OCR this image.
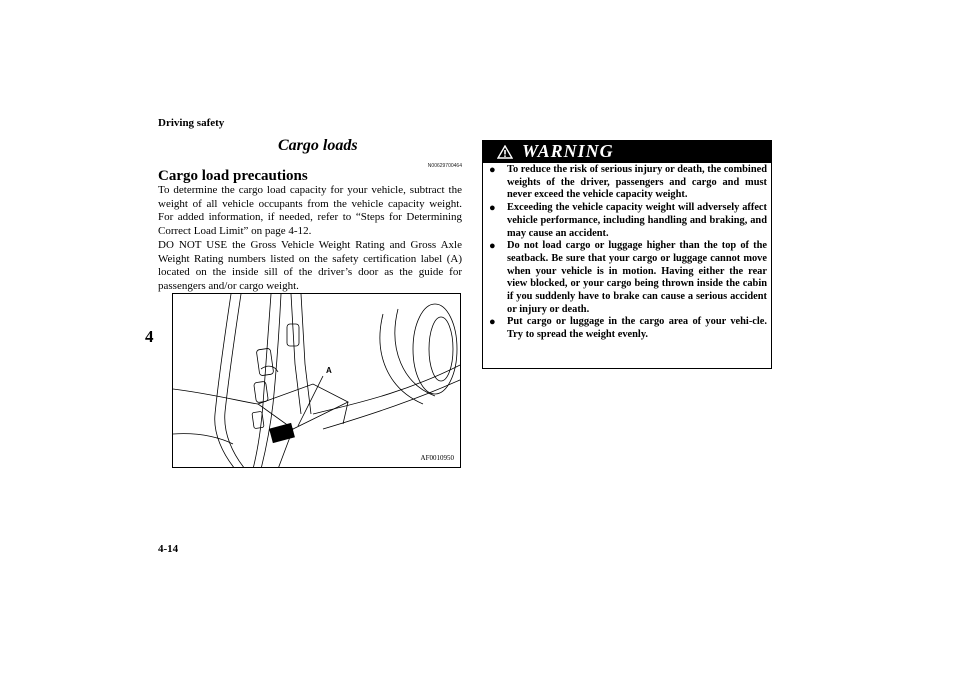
Driving safety
4
Cargo loads
N00629700464
Cargo load precautions

To determine the cargo load capacity for your vehicle, subtract the weight of all vehicle occupants from the vehicle capacity weight. For added information, if needed, refer to “Steps for Determining Correct Load Limit” on page 4-12.

DO NOT USE the Gross Vehicle Weight Rating and Gross Axle Weight Rating numbers listed on the safety certification label (A) located on the inside sill of the driver’s door as the guide for passengers and/or cargo weight.

A
AF0010950
WARNING
● To reduce the risk of serious injury or death, the combined weights of the driver, passengers and cargo and must never exceed the vehicle capacity weight.
● Exceeding the vehicle capacity weight will adversely affect vehicle performance, including handling and braking, and may cause an accident.
● Do not load cargo or luggage higher than the top of the seatback. Be sure that your cargo or luggage cannot move when your vehicle is in motion. Having either the rear view blocked, or your cargo being thrown inside the cabin if you suddenly have to brake can cause a serious accident or injury or death.
● Put cargo or luggage in the cargo area of your vehi-cle. Try to spread the weight evenly.
4-14
